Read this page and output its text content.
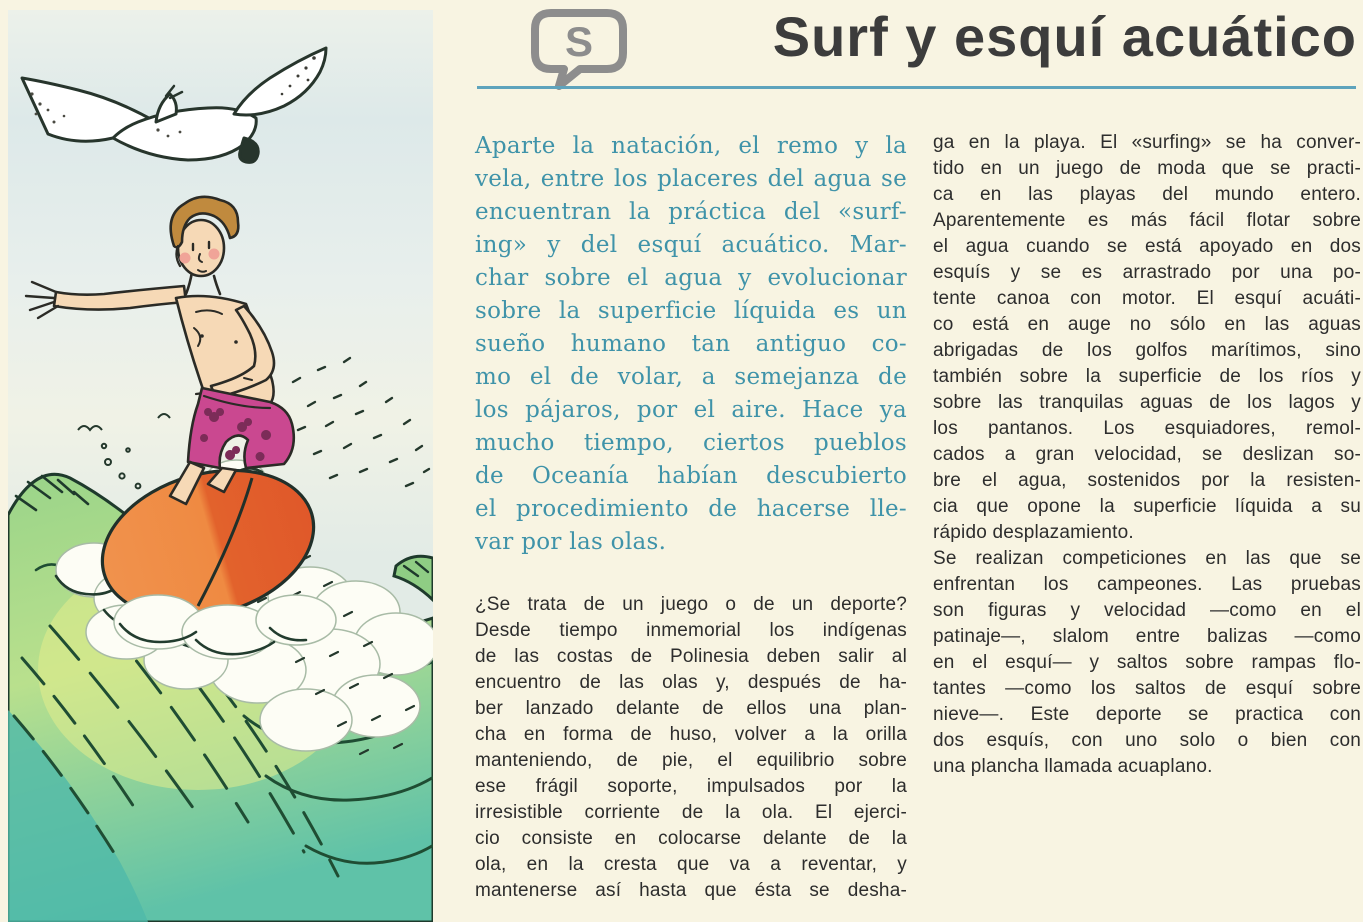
S	Surf y esquí acuático
Aparte la natación, el remo y la
vela, entre los placeres del agua se
encuentran la práctica del «surf-
ing» y del esquí acuático. Mar-
char sobre el agua y evolucionar
sobre la superficie líquida es un
sueño humano tan antiguo co-
mo el de volar, a semejanza de
los pájaros, por el aire. Hace ya
mucho tiempo, ciertos pueblos
de Oceanía habían descubierto
el procedimiento de hacerse lle-
var por las olas.
¿Se trata de un juego o de un deporte?
Desde tiempo inmemorial los indígenas
de las costas de Polinesia deben salir al
encuentro de las olas y, después de ha-
ber lanzado delante de ellos una plan-
cha en forma de huso, volver a la orilla
manteniendo, de pie, el equilibrio sobre
ese frágil soporte, impulsados por la
irresistible corriente de la ola. El ejerci-
cio consiste en colocarse delante de la
ola, en la cresta que va a reventar, y
mantenerse así hasta que ésta se desha-
ga en la playa. El «surfing» se ha conver-
tido en un juego de moda que se practi-
ca en las playas del mundo entero.
Aparentemente es más fácil flotar sobre
el agua cuando se está apoyado en dos
esquís y se es arrastrado por una po-
tente canoa con motor. El esquí acuáti-
co está en auge no sólo en las aguas
abrigadas de los golfos marítimos, sino
también sobre la superficie de los ríos y
sobre las tranquilas aguas de los lagos y
los pantanos. Los esquiadores, remol-
cados a gran velocidad, se deslizan so-
bre el agua, sostenidos por la resisten-
cia que opone la superficie líquida a su
rápido desplazamiento.
Se realizan competiciones en las que se
enfrentan los campeones. Las pruebas
son figuras y velocidad —como en el
patinaje—, slalom entre balizas —como
en el esquí— y saltos sobre rampas flo-
tantes —como los saltos de esquí sobre
nieve—. Este deporte se practica con
dos esquís, con uno solo o bien con
una plancha llamada acuaplano.
